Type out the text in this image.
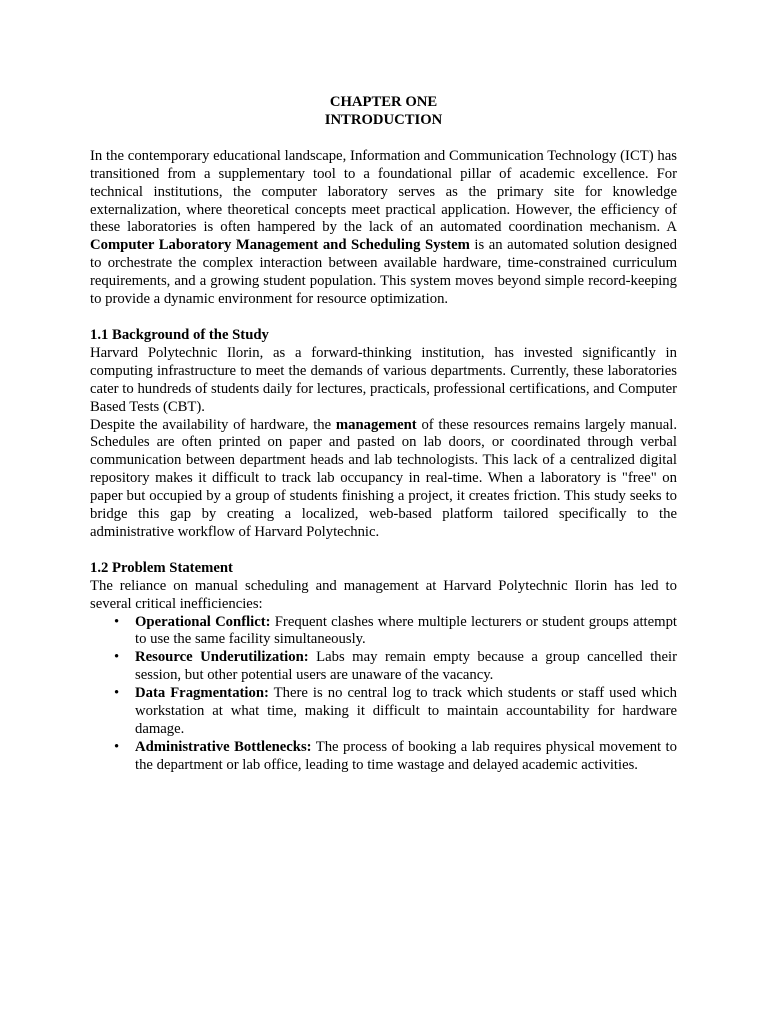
CHAPTER ONE
INTRODUCTION

In the contemporary educational landscape, Information and Communication Technology (ICT) has transitioned from a supplementary tool to a foundational pillar of academic excellence. For technical institutions, the computer laboratory serves as the primary site for knowledge externalization, where theoretical concepts meet practical application. However, the efficiency of these laboratories is often hampered by the lack of an automated coordination mechanism. A Computer Laboratory Management and Scheduling System is an automated solution designed to orchestrate the complex interaction between available hardware, time-constrained curriculum requirements, and a growing student population. This system moves beyond simple record-keeping to provide a dynamic environment for resource optimization.

1.1 Background of the Study

Harvard Polytechnic Ilorin, as a forward-thinking institution, has invested significantly in computing infrastructure to meet the demands of various departments. Currently, these laboratories cater to hundreds of students daily for lectures, practicals, professional certifications, and Computer Based Tests (CBT).

Despite the availability of hardware, the management of these resources remains largely manual. Schedules are often printed on paper and pasted on lab doors, or coordinated through verbal communication between department heads and lab technologists. This lack of a centralized digital repository makes it difficult to track lab occupancy in real-time. When a laboratory is "free" on paper but occupied by a group of students finishing a project, it creates friction. This study seeks to bridge this gap by creating a localized, web-based platform tailored specifically to the administrative workflow of Harvard Polytechnic.

1.2 Problem Statement

The reliance on manual scheduling and management at Harvard Polytechnic Ilorin has led to several critical inefficiencies:

• Operational Conflict: Frequent clashes where multiple lecturers or student groups attempt to use the same facility simultaneously.
• Resource Underutilization: Labs may remain empty because a group cancelled their session, but other potential users are unaware of the vacancy.
• Data Fragmentation: There is no central log to track which students or staff used which workstation at what time, making it difficult to maintain accountability for hardware damage.
• Administrative Bottlenecks: The process of booking a lab requires physical movement to the department or lab office, leading to time wastage and delayed academic activities.
